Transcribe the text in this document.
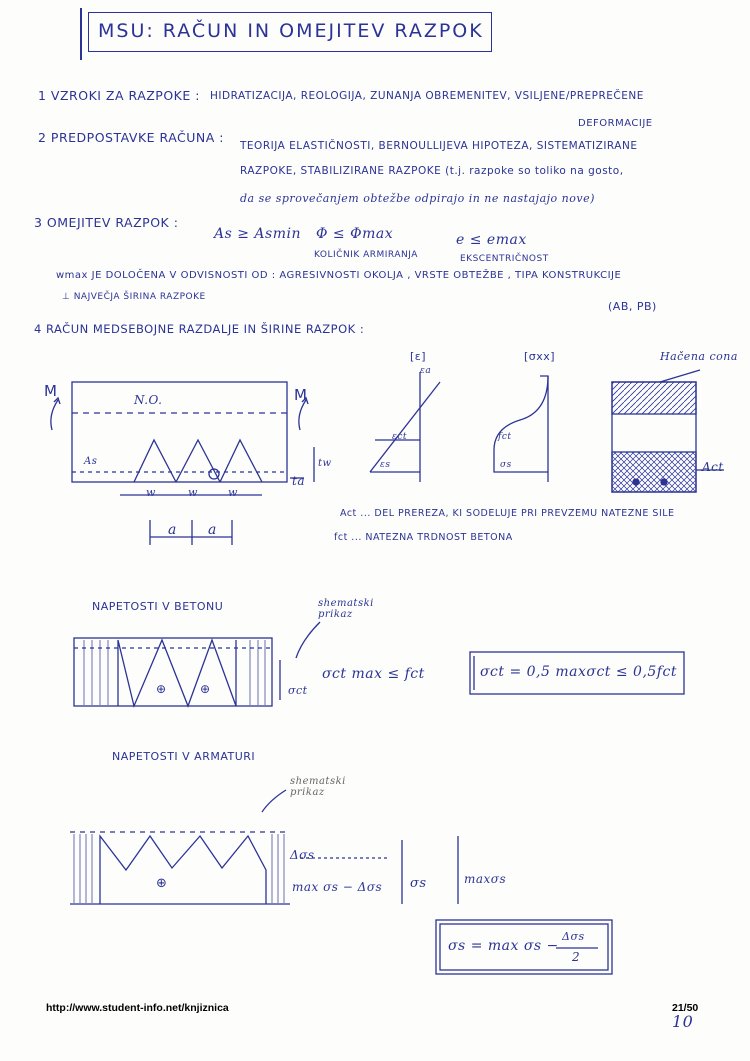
MSU: RAČUN IN OMEJITEV RAZPOK
1 VZROKI ZA RAZPOKE : HIDRATIZACIJA, REOLOGIJA, ZUNANJA OBREMENITEV, VSILJENE/PREPREČENE
DEFORMACIJE
2 PREDPOSTAVKE RAČUNA :
TEORIJA ELASTIČNOSTI, BERNOULLIJEVA HIPOTEZA, SISTEMATIZIRANE
RAZPOKE, STABILIZIRANE RAZPOKE (t.j. razpoke so toliko na gosto,
da se sprovečanjem obtežbe odpirajo in ne nastajajo nove)
3 OMEJITEV RAZPOK :
As ≥ Asmin Φ ≤ Φmax
KOLIČNIK ARMIRANJA
e ≤ emax
EKSCENTRIČNOST
wmax JE DOLOČENA V ODVISNOSTI OD : AGRESIVNOSTI OKOLJA , VRSTE OBTEŽBE , TIPA KONSTRUKCIJE
(AB, PB)
⊥ NAJVEČJA ŠIRINA RAZPOKE
4 RAČUN MEDSEBOJNE RAZDALJE IN ŠIRINE RAZPOK :
M	M
N.O.
As
ta
tw
w	w	w
a a
[ε]
εa
εct
εs
[σxx]
fct
σs
Hačena cona
Act
Act ... DEL PREREZA, KI SODELUJE PRI PREVZEMU NATEZNE SILE
fct ... NATEZNA TRDNOST BETONA
NAPETOSTI V BETONU	shematski prikaz
σct
σct max ≤ fct	σct = 0,5 maxσct ≤ 0,5fct
⊕	⊕
NAPETOSTI V ARMATURI
shematski prikaz
Δσs
max σs − Δσs σs	maxσs
⊕
σs = max σs −
Δσs
2
http://www.student-info.net/knjiznica	21/50
10
